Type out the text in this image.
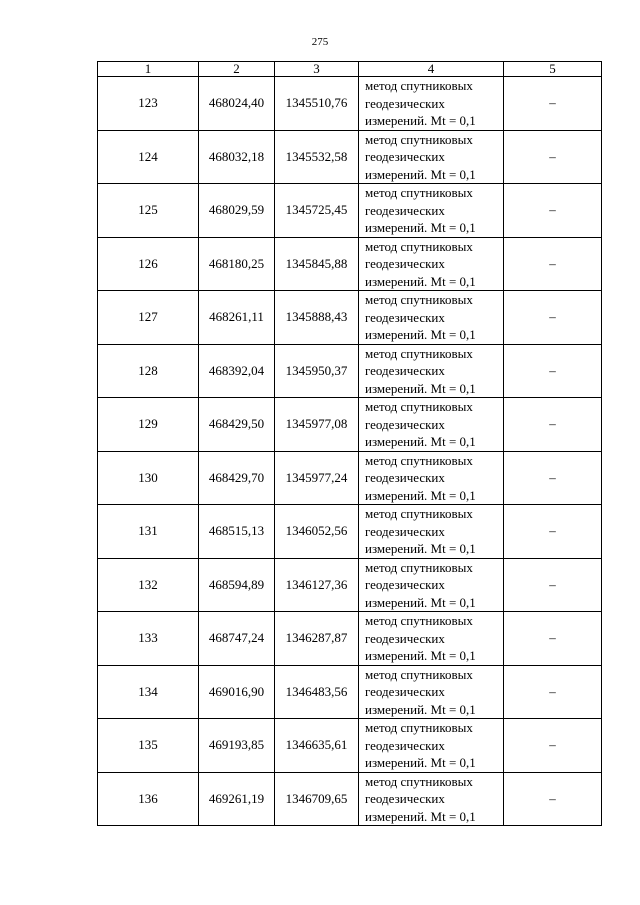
275
1	2	3	4	5
123	468024,40	1345510,76	метод спутниковых
геодезических
измерений. Mt = 0,1	–
124	468032,18	1345532,58	метод спутниковых
геодезических
измерений. Mt = 0,1	–
125	468029,59	1345725,45	метод спутниковых
геодезических
измерений. Mt = 0,1	–
126	468180,25	1345845,88	метод спутниковых
геодезических
измерений. Mt = 0,1	–
127	468261,11	1345888,43	метод спутниковых
геодезических
измерений. Mt = 0,1	–
128	468392,04	1345950,37	метод спутниковых
геодезических
измерений. Mt = 0,1	–
129	468429,50	1345977,08	метод спутниковых
геодезических
измерений. Mt = 0,1	–
130	468429,70	1345977,24	метод спутниковых
геодезических
измерений. Mt = 0,1	–
131	468515,13	1346052,56	метод спутниковых
геодезических
измерений. Mt = 0,1	–
132	468594,89	1346127,36	метод спутниковых
геодезических
измерений. Mt = 0,1	–
133	468747,24	1346287,87	метод спутниковых
геодезических
измерений. Mt = 0,1	–
134	469016,90	1346483,56	метод спутниковых
геодезических
измерений. Mt = 0,1	–
135	469193,85	1346635,61	метод спутниковых
геодезических
измерений. Mt = 0,1	–
136	469261,19	1346709,65	метод спутниковых
геодезических
измерений. Mt = 0,1	–
